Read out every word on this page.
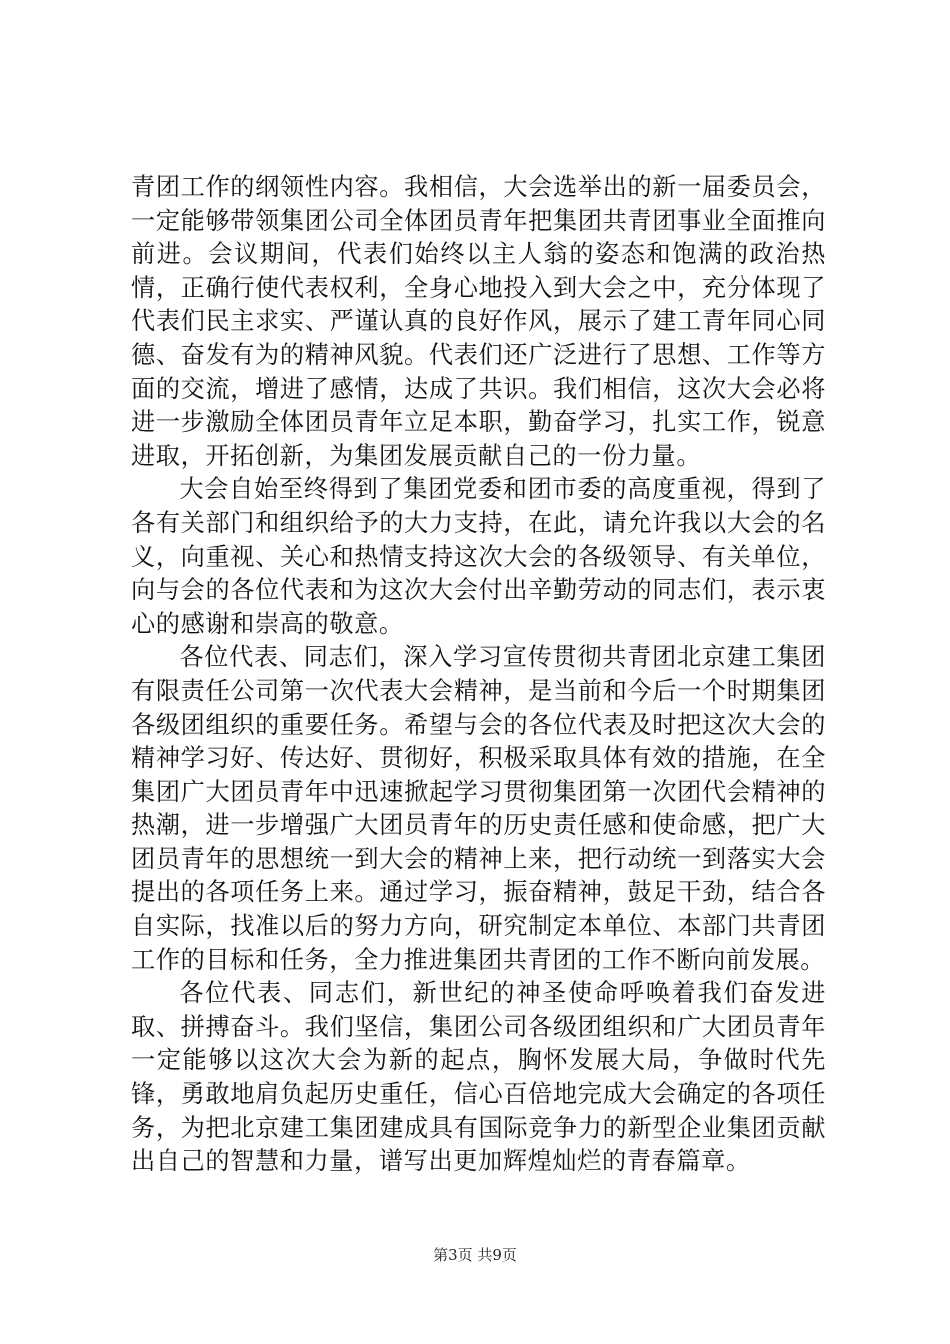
青团工作的纲领性内容。我相信，大会选举出的新一届委员会，一定能够带领集团公司全体团员青年把集团共青团事业全面推向前进。会议期间，代表们始终以主人翁的姿态和饱满的政治热情，正确行使代表权利，全身心地投入到大会之中，充分体现了代表们民主求实、严谨认真的良好作风，展示了建工青年同心同德、奋发有为的精神风貌。代表们还广泛进行了思想、工作等方面的交流，增进了感情，达成了共识。我们相信，这次大会必将进一步激励全体团员青年立足本职，勤奋学习，扎实工作，锐意进取，开拓创新，为集团发展贡献自己的一份力量。

大会自始至终得到了集团党委和团市委的高度重视，得到了各有关部门和组织给予的大力支持，在此，请允许我以大会的名义，向重视、关心和热情支持这次大会的各级领导、有关单位，向与会的各位代表和为这次大会付出辛勤劳动的同志们，表示衷心的感谢和崇高的敬意。

各位代表、同志们，深入学习宣传贯彻共青团北京建工集团有限责任公司第一次代表大会精神，是当前和今后一个时期集团各级团组织的重要任务。希望与会的各位代表及时把这次大会的精神学习好、传达好、贯彻好，积极采取具体有效的措施，在全集团广大团员青年中迅速掀起学习贯彻集团第一次团代会精神的热潮，进一步增强广大团员青年的历史责任感和使命感，把广大团员青年的思想统一到大会的精神上来，把行动统一到落实大会提出的各项任务上来。通过学习，振奋精神，鼓足干劲，结合各自实际，找准以后的努力方向，研究制定本单位、本部门共青团工作的目标和任务，全力推进集团共青团的工作不断向前发展。

各位代表、同志们，新世纪的神圣使命呼唤着我们奋发进取、拼搏奋斗。我们坚信，集团公司各级团组织和广大团员青年一定能够以这次大会为新的起点，胸怀发展大局，争做时代先锋，勇敢地肩负起历史重任，信心百倍地完成大会确定的各项任务，为把北京建工集团建成具有国际竞争力的新型企业集团贡献出自己的智慧和力量，谱写出更加辉煌灿烂的青春篇章。

第3页 共9页
